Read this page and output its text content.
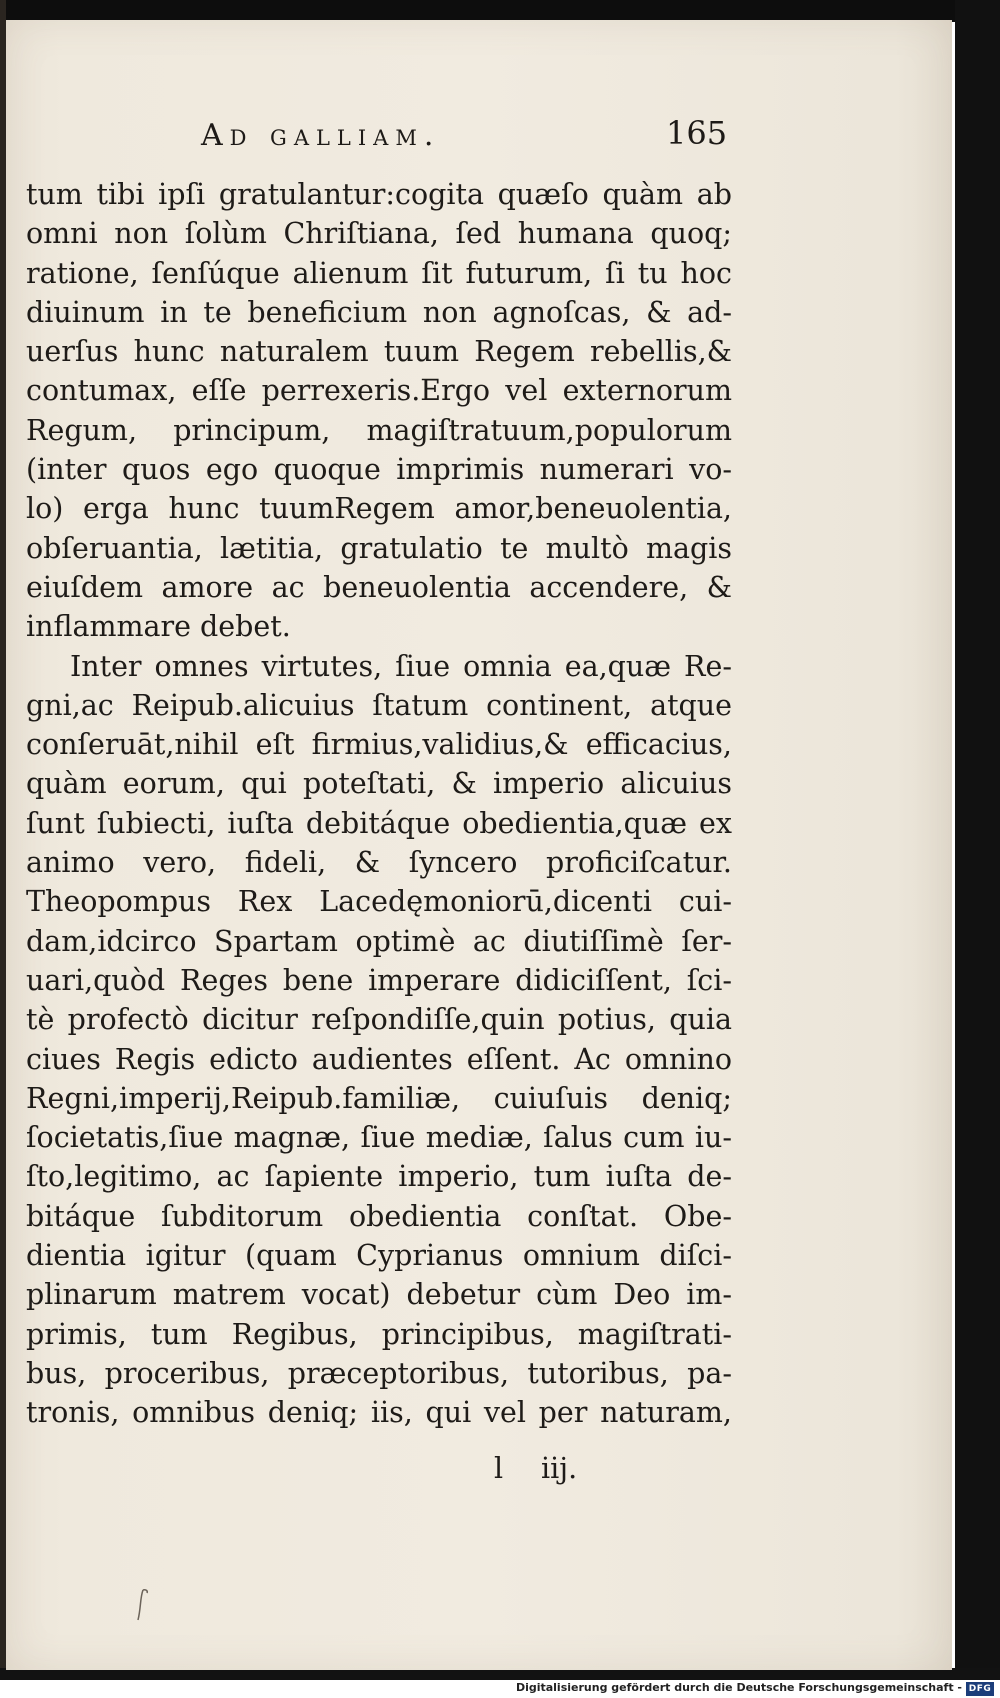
Ad galliam.	165
tum tibi ipſi gratulantur:cogita quæſo quàm ab
omni non ſolùm Chriſtiana, ſed humana quoq;
ratione, ſenſúque alienum ſit futurum, ſi tu hoc
diuinum in te beneficium non agnoſcas, & ad-
uerſus hunc naturalem tuum Regem rebellis,&
contumax, eſſe perrexeris.Ergo vel externorum
Regum, principum, magiſtratuum,populorum
(inter quos ego quoque imprimis numerari vo-
lo) erga hunc tuumRegem amor,beneuolentia,
obſeruantia, lætitia, gratulatio te multò magis
eiuſdem amore ac beneuolentia accendere, &
inflammare debet.
Inter omnes virtutes, ſiue omnia ea,quæ Re-
gni,ac Reipub.alicuius ſtatum continent, atque
conſeruāt,nihil eſt firmius,validius,& efficacius,
quàm eorum, qui poteſtati, & imperio alicuius
ſunt ſubiecti, iuſta debitáque obedientia,quæ ex
animo vero, fideli, & ſyncero proficiſcatur.
Theopompus Rex Lacedęmoniorū,dicenti cui-
dam,idcirco Spartam optimè ac diutiſſimè ſer-
uari,quòd Reges bene imperare didiciſſent, ſci-
tè profectò dicitur reſpondiſſe,quin potius, quia
ciues Regis edicto audientes eſſent. Ac omnino
Regni,imperij,Reipub.familiæ, cuiuſuis deniq;
ſocietatis,ſiue magnæ, ſiue mediæ, ſalus cum iu-
ſto,legitimo, ac ſapiente imperio, tum iuſta de-
bitáque ſubditorum obedientia conſtat. Obe-
dientia igitur (quam Cyprianus omnium diſci-
plinarum matrem vocat) debetur cùm Deo im-
primis, tum Regibus, principibus, magiſtrati-
bus, proceribus, præceptoribus, tutoribus, pa-
tronis, omnibus deniq; iis, qui vel per naturam,
l iij.
Digitalisierung gefördert durch die Deutsche Forschungsgemeinschaft - DFG
